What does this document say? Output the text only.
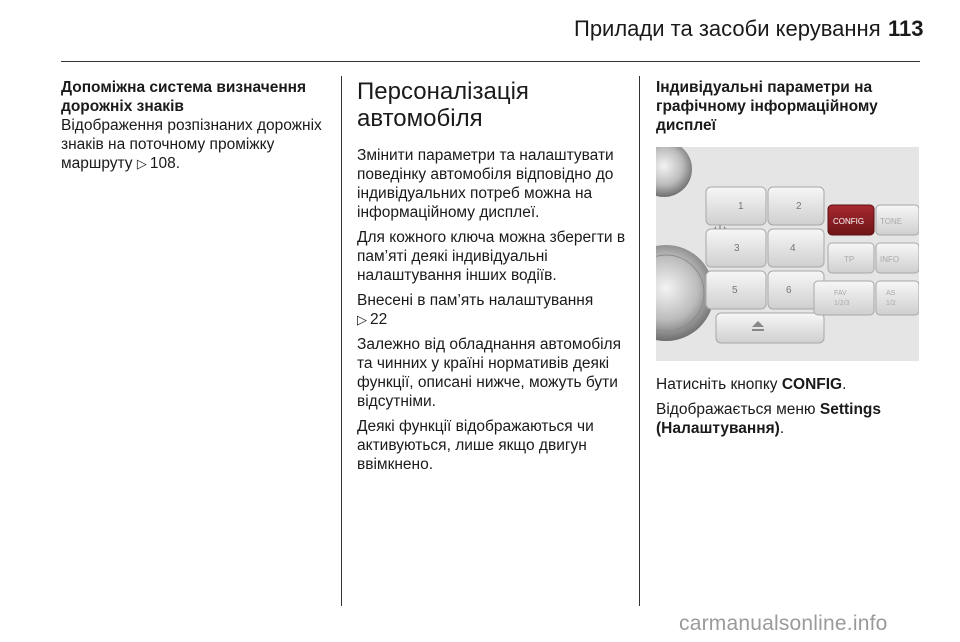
Прилади та засоби керування 113
Допоміжна система визначення дорожніх знаків

Відображення розпізнаних дорожніх знаків на поточному проміжку маршруту ▷ 108.

Персоналізація автомобіля

Змінити параметри та налаштувати поведінку автомобіля відповідно до індивідуальних потреб можна на інформаційному дисплеї.

Для кожного ключа можна зберегти в пам’яті деякі індивідуальні налаштування інших водіїв.

Внесені в пам’ять налаштування
▷ 22

Залежно від обладнання автомобіля та чинних у країні нормативів деякі функції, описані нижче, можуть бути відсутніми.

Деякі функції відображаються чи активуються, лише якщо двигун ввімкнено.

Індивідуальні параметри на графічному інформаційному дисплеї
1	2
3	4
5	6
CONFIG TONE
TP	INFO
FAV
1/2/3
AS
1/2

Натисніть кнопку CONFIG.

Відображається меню Settings (Налаштування).

carmanualsonline.info
